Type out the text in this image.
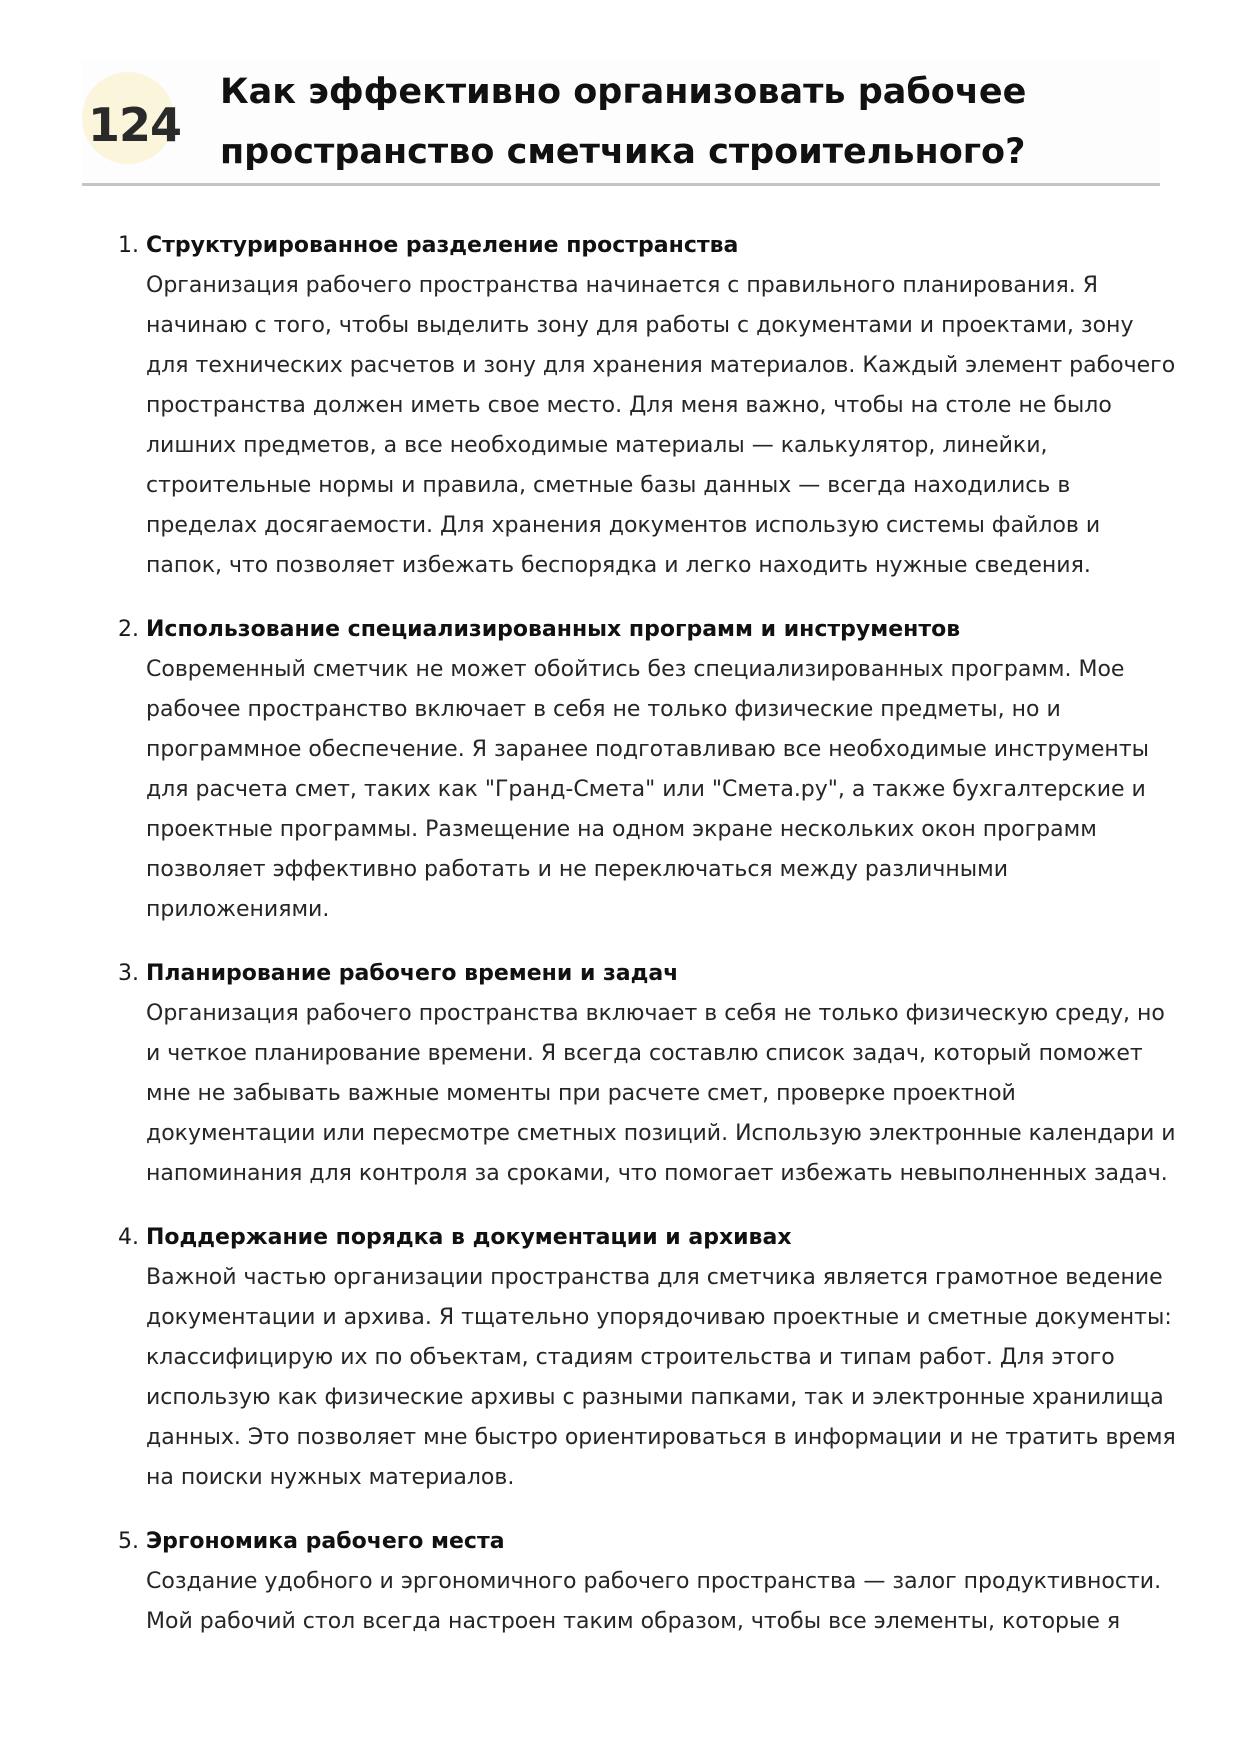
124
Как эффективно организовать рабочее пространство сметчика строительного?
1. Структурированное разделение пространства

Организация рабочего пространства начинается с правильного планирования. Я начинаю с того, чтобы выделить зону для работы с документами и проектами, зону для технических расчетов и зону для хранения материалов. Каждый элемент рабочего пространства должен иметь свое место. Для меня важно, чтобы на столе не было лишних предметов, а все необходимые материалы — калькулятор, линейки, строительные нормы и правила, сметные базы данных — всегда находились в пределах досягаемости. Для хранения документов использую системы файлов и папок, что позволяет избежать беспорядка и легко находить нужные сведения.

2. Использование специализированных программ и инструментов

Современный сметчик не может обойтись без специализированных программ. Мое рабочее пространство включает в себя не только физические предметы, но и программное обеспечение. Я заранее подготавливаю все необходимые инструменты для расчета смет, таких как "Гранд-Смета" или "Смета.ру", а также бухгалтерские и проектные программы. Размещение на одном экране нескольких окон программ позволяет эффективно работать и не переключаться между различными приложениями.

3. Планирование рабочего времени и задач

Организация рабочего пространства включает в себя не только физическую среду, но и четкое планирование времени. Я всегда составлю список задач, который поможет мне не забывать важные моменты при расчете смет, проверке проектной документации или пересмотре сметных позиций. Использую электронные календари и напоминания для контроля за сроками, что помогает избежать невыполненных задач.

4. Поддержание порядка в документации и архивах

Важной частью организации пространства для сметчика является грамотное ведение документации и архива. Я тщательно упорядочиваю проектные и сметные документы: классифицирую их по объектам, стадиям строительства и типам работ. Для этого использую как физические архивы с разными папками, так и электронные хранилища данных. Это позволяет мне быстро ориентироваться в информации и не тратить время на поиски нужных материалов.

5. Эргономика рабочего места

Создание удобного и эргономичного рабочего пространства — залог продуктивности. Мой рабочий стол всегда настроен таким образом, чтобы все элементы, которые я
